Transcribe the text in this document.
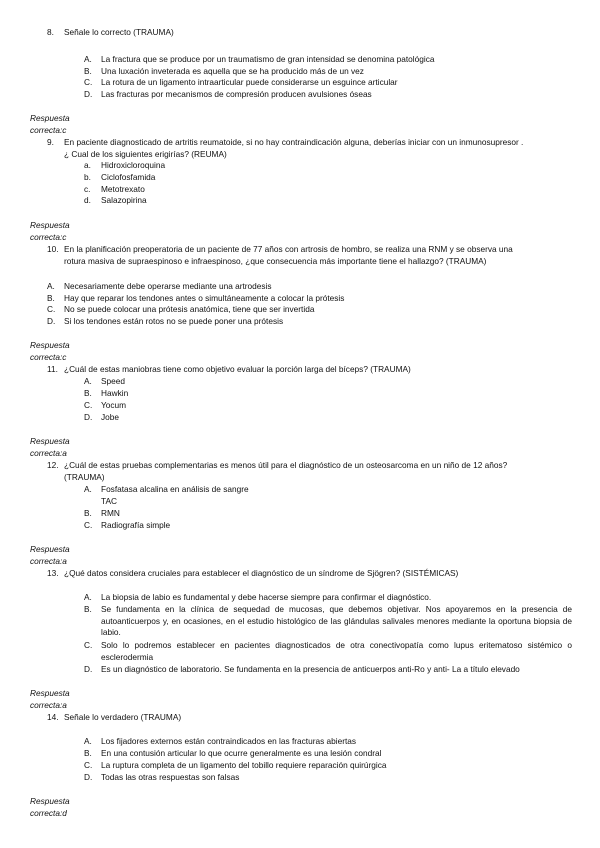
8. Señale lo correcto (TRAUMA)
A. La fractura que se produce por un traumatismo de gran intensidad se denomina patológica
B. Una luxación inveterada es aquella que se ha producido más de un vez
C. La rotura de un ligamento intraarticular puede considerarse un esguince articular
D. Las fracturas por mecanismos de compresión producen avulsiones óseas
Respuesta correcta:c
9. En paciente diagnosticado de artritis reumatoide, si no hay contraindicación alguna, deberías iniciar con un inmunosupresor .
¿ Cual de los siguientes erigirías? (REUMA)
a. Hidroxicloroquina
b. Ciclofosfamida
c. Metotrexato
d. Salazopirina
Respuesta correcta:c
10. En la planificación preoperatoria de un paciente de 77 años con artrosis de hombro, se realiza una RNM y se observa una
rotura masiva de supraespinoso e infraespinoso, ¿que consecuencia más importante tiene el hallazgo? (TRAUMA)
A. Necesariamente debe operarse mediante una artrodesis
B. Hay que reparar los tendones antes o simultáneamente a colocar la prótesis
C. No se puede colocar una prótesis anatómica, tiene que ser invertida
D. Si los tendones están rotos no se puede poner una prótesis
Respuesta correcta:c
11. ¿Cuál de estas maniobras tiene como objetivo evaluar la porción larga del bíceps? (TRAUMA)
A. Speed
B. Hawkin
C. Yocum
D. Jobe
Respuesta correcta:a
12. ¿Cuál de estas pruebas complementarias es menos útil para el diagnóstico de un osteosarcoma en un niño de 12 años?
(TRAUMA)
A. Fosfatasa alcalina en análisis de sangre
TAC
B. RMN
C. Radiografía simple
Respuesta correcta:a
13. ¿Qué datos considera cruciales para establecer el diagnóstico de un síndrome de Sjögren? (SISTÉMICAS)
A. La biopsia de labio es fundamental y debe hacerse siempre para confirmar el diagnóstico.
B. Se fundamenta en la clínica de sequedad de mucosas, que debemos objetivar. Nos apoyaremos en la presencia de autoanticuerpos y, en ocasiones, en el estudio histológico de las glándulas salivales menores mediante la oportuna biopsia de labio.
C. Solo lo podremos establecer en pacientes diagnosticados de otra conectivopatía como lupus eritematoso sistémico o esclerodermia
D. Es un diagnóstico de laboratorio. Se fundamenta en la presencia de anticuerpos anti-Ro y anti- La a título elevado
Respuesta correcta:a
14. Señale lo verdadero (TRAUMA)
A. Los fijadores externos están contraindicados en las fracturas abiertas
B. En una contusión articular lo que ocurre generalmente es una lesión condral
C. La ruptura completa de un ligamento del tobillo requiere reparación quirúrgica
D. Todas las otras respuestas son falsas
Respuesta correcta:d
